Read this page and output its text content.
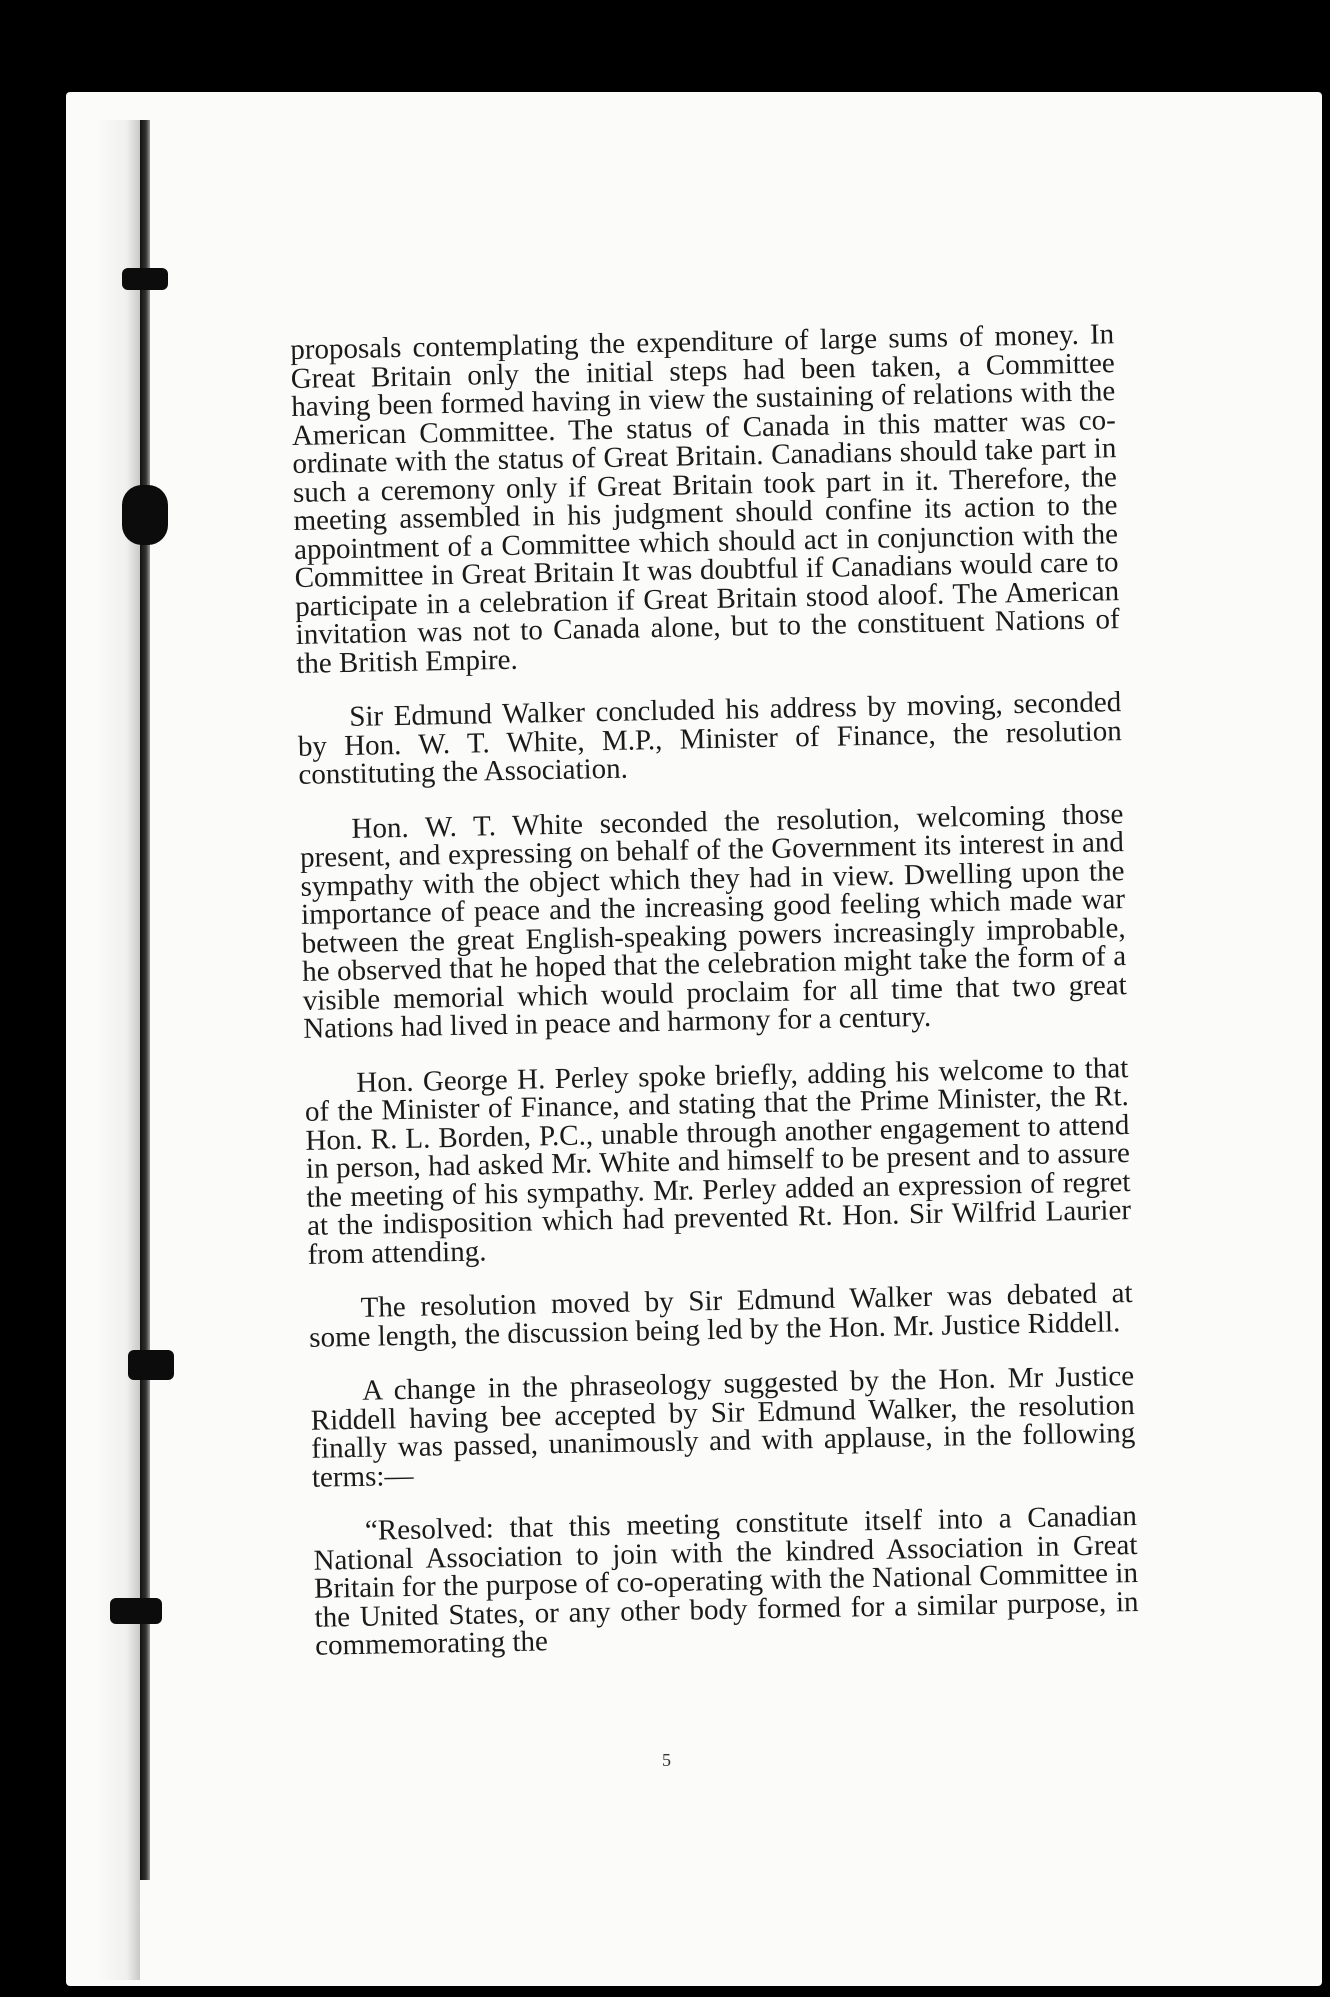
proposals contemplating the expenditure of large sums of money. In Great Britain only the initial steps had been taken, a Committee having been formed having in view the sustaining of relations with the American Committee. The status of Canada in this matter was co-ordinate with the status of Great Britain. Canadians should take part in such a ceremony only if Great Britain took part in it. Therefore, the meeting assembled in his judgment should confine its action to the appointment of a Committee which should act in conjunction with the Committee in Great Britain It was doubtful if Canadians would care to participate in a celebration if Great Britain stood aloof. The American invitation was not to Canada alone, but to the constituent Nations of the British Empire.

Sir Edmund Walker concluded his address by moving, seconded by Hon. W. T. White, M.P., Minister of Finance, the resolution constituting the Association.

Hon. W. T. White seconded the resolution, welcoming those present, and expressing on behalf of the Government its interest in and sympathy with the object which they had in view. Dwelling upon the importance of peace and the increasing good feeling which made war between the great English-speaking powers increasingly improbable, he observed that he hoped that the celebration might take the form of a visible memorial which would proclaim for all time that two great Nations had lived in peace and harmony for a century.

Hon. George H. Perley spoke briefly, adding his welcome to that of the Minister of Finance, and stating that the Prime Minister, the Rt. Hon. R. L. Borden, P.C., unable through another engagement to attend in person, had asked Mr. White and himself to be present and to assure the meeting of his sympathy. Mr. Perley added an expression of regret at the indisposition which had prevented Rt. Hon. Sir Wilfrid Laurier from attending.

The resolution moved by Sir Edmund Walker was debated at some length, the discussion being led by the Hon. Mr. Justice Riddell.

A change in the phraseology suggested by the Hon. Mr Justice Riddell having bee accepted by Sir Edmund Walker, the resolution finally was passed, unanimously and with applause, in the following terms:—

“Resolved: that this meeting constitute itself into a Canadian National Association to join with the kindred Association in Great Britain for the purpose of co-operating with the National Committee in the United States, or any other body formed for a similar purpose, in commemorating the

5
